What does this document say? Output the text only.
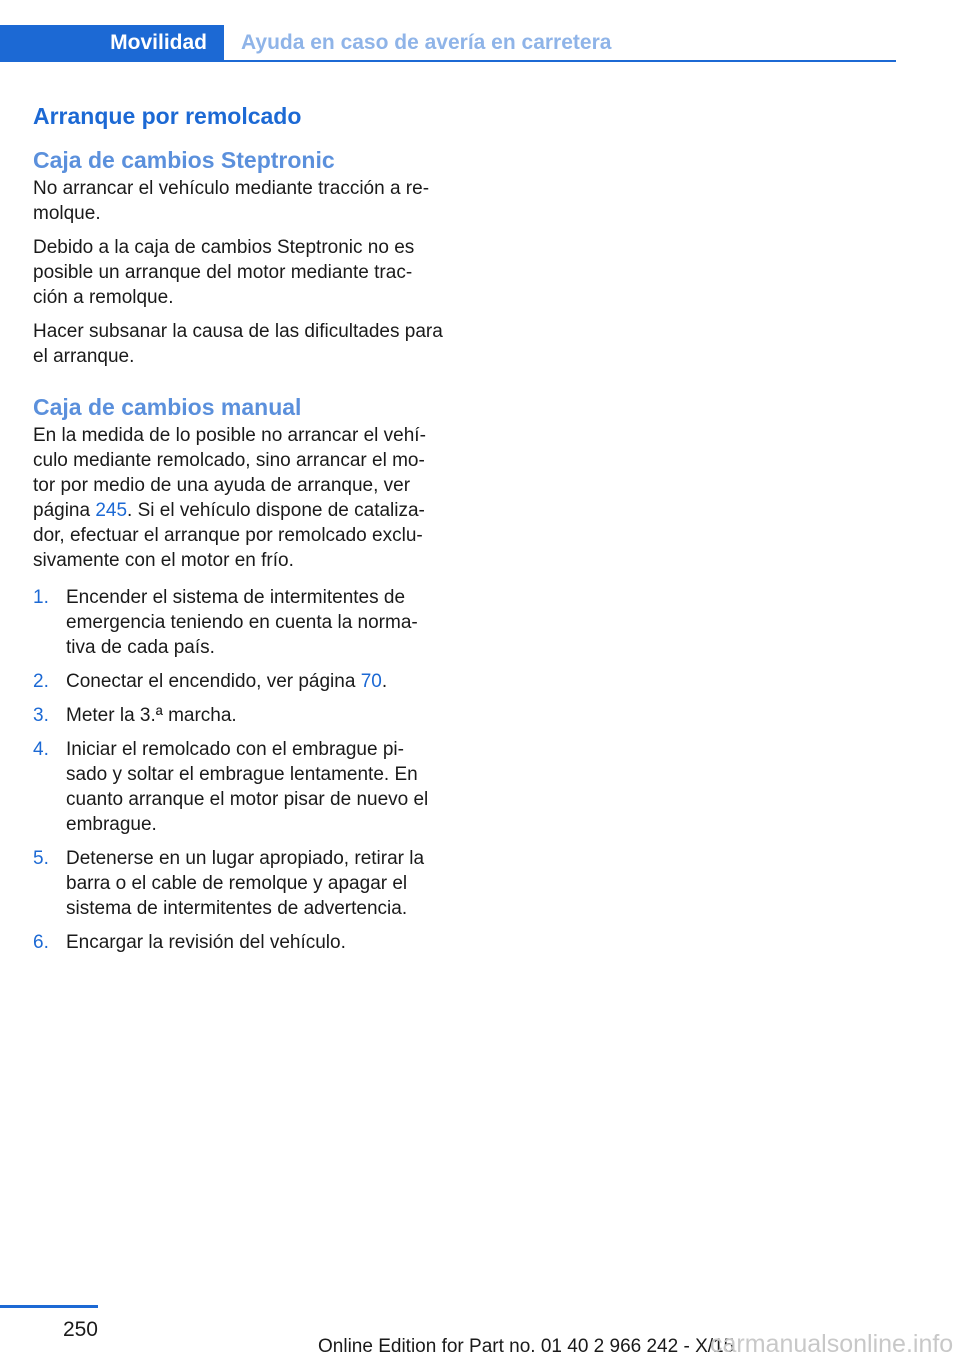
Movilidad Ayuda en caso de avería en carretera
Arranque por remolcado
Caja de cambios Steptronic

No arrancar el vehículo mediante tracción a re‐molque.

Debido a la caja de cambios Steptronic no es posible un arranque del motor mediante trac‐ción a remolque.

Hacer subsanar la causa de las dificultades para el arranque.

Caja de cambios manual

En la medida de lo posible no arrancar el vehí‐culo mediante remolcado, sino arrancar el mo‐tor por medio de una ayuda de arranque, ver página 245. Si el vehículo dispone de cataliza‐dor, efectuar el arranque por remolcado exclu‐sivamente con el motor en frío.

1. Encender el sistema de intermitentes de emergencia teniendo en cuenta la norma‐tiva de cada país.
2. Conectar el encendido, ver página 70.
3. Meter la 3.ª marcha.
4. Iniciar el remolcado con el embrague pi‐sado y soltar el embrague lentamente. En cuanto arranque el motor pisar de nuevo el embrague.
5. Detenerse en un lugar apropiado, retirar la barra o el cable de remolque y apagar el sistema de intermitentes de advertencia.
6. Encargar la revisión del vehículo.
250
Online Edition for Part no. 01 40 2 966 242 - X/15
carmanualsonline.info
